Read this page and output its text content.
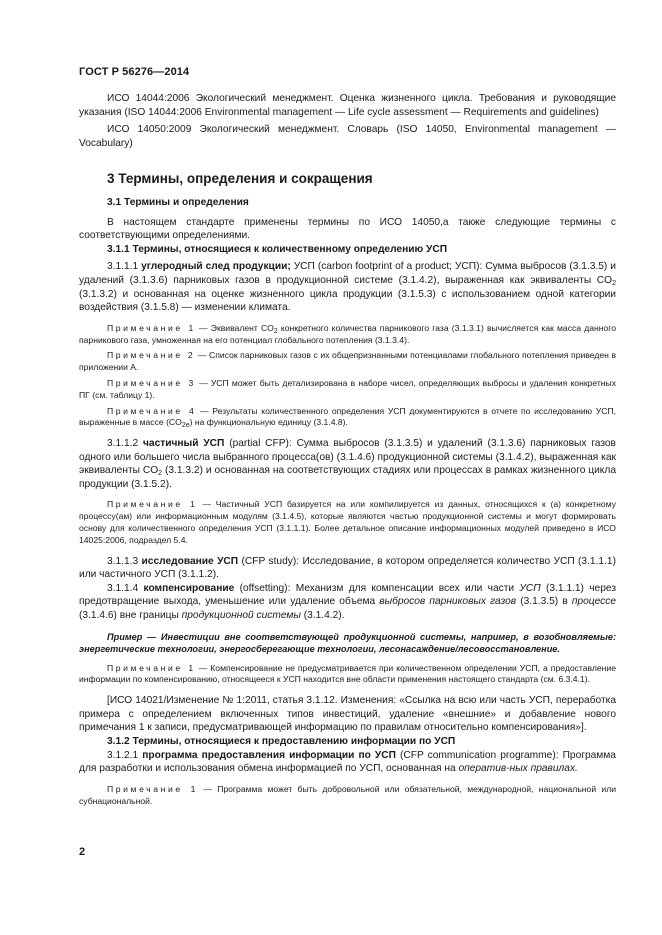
ГОСТ Р 56276—2014

ИСО 14044:2006 Экологический менеджмент. Оценка жизненного цикла. Требования и руководящие указания (ISO 14044:2006 Environmental management — Life cycle assessment — Requirements and guidelines)

ИСО 14050:2009 Экологический менеджмент. Словарь (ISO 14050, Environmental management — Vocabulary)

3 Термины, определения и сокращения
3.1 Термины и определения

В настоящем стандарте применены термины по ИСО 14050,а также следующие термины с соответствующими определениями.

3.1.1 Термины, относящиеся к количественному определению УСП

3.1.1.1 углеродный след продукции; УСП (carbon footprint of a product; УСП): Сумма выбросов (3.1.3.5) и удалений (3.1.3.6) парниковых газов в продукционной системе (3.1.4.2), выраженная как эквиваленты $CO_2$ (3.1.3.2) и основанная на оценке жизненного цикла продукции (3.1.5.3) с использованием одной категории воздействия (3.1.5.8) — изменении климата.

Примечание 1 — Эквивалент $CO_2$ конкретного количества парникового газа (3.1.3.1) вычисляется как масса данного парникового газа, умноженная на его потенциал глобального потепления (3.1.3.4).

Примечание 2 — Список парниковых газов с их общепризнанными потенциалами глобального потепления приведен в приложении А.

Примечание 3 — УСП может быть детализирована в наборе чисел, определяющих выбросы и удаления конкретных ПГ (см. таблицу 1).

Примечание 4 — Результаты количественного определения УСП документируются в отчете по исследованию УСП, выраженные в массе $(CO_{2e})$ на функциональную единицу (3.1.4.8).

3.1.1.2 частичный УСП (partial CFP): Сумма выбросов (3.1.3.5) и удалений (3.1.3.6) парниковых газов одного или большего числа выбранного процесса(ов) (3.1.4.6) продукционной системы (3.1.4.2), выраженная как эквиваленты $CO_2$ (3.1.3.2) и основанная на соответствующих стадиях или процессах в рамках жизненного цикла продукции (3.1.5.2).

Примечание 1 — Частичный УСП базируется на или компилируется из данных, относящихся к (а) конкретному процессу(ам) или информационным модулям (3.1.4.5), которые являются частью продукционной системы и могут формировать основу для количественного определения УСП (3.1.1.1). Более детальное описание информационных модулей приведено в ИСО 14025:2006, подраздел 5.4.

3.1.1.3 исследование УСП (CFP study): Исследование, в котором определяется количество УСП (3.1.1.1) или частичного УСП (3.1.1.2).

3.1.1.4 компенсирование (offsetting): Механизм для компенсации всех или части УСП (3.1.1.1) через предотвращение выхода, уменьшение или удаление объема выбросов парниковых газов (3.1.3.5) в процессе (3.1.4.6) вне границы продукционной системы (3.1.4.2).

Пример — Инвестиции вне соответствующей продукционной системы, например, в возобновляемые: энергетические технологии, энергосберегающие технологии, лесонасаждение/лесовосстановление.

Примечание 1 — Компенсирование не предусматривается при количественном определении УСП, а предоставление информации по компенсированию, относящееся к УСП находится вне области применения настоящего стандарта (см. 6.3.4.1).

[ИСО 14021/Изменение № 1:2011, статья 3.1.12. Изменения: «Ссылка на всю или часть УСП, переработка примера с определением включенных типов инвестиций, удаление «внешние» и добавление нового примечания 1 к записи, предусматривающей информацию по правилам относительно компенсирования»].

3.1.2 Термины, относящиеся к предоставлению информации по УСП

3.1.2.1 программа предоставления информации по УСП (CFP communication programme): Программа для разработки и использования обмена информацией по УСП, основанная на оператив-ных правилах.

Примечание 1 — Программа может быть добровольной или обязательной, международной, национальной или субнациональной.

2
